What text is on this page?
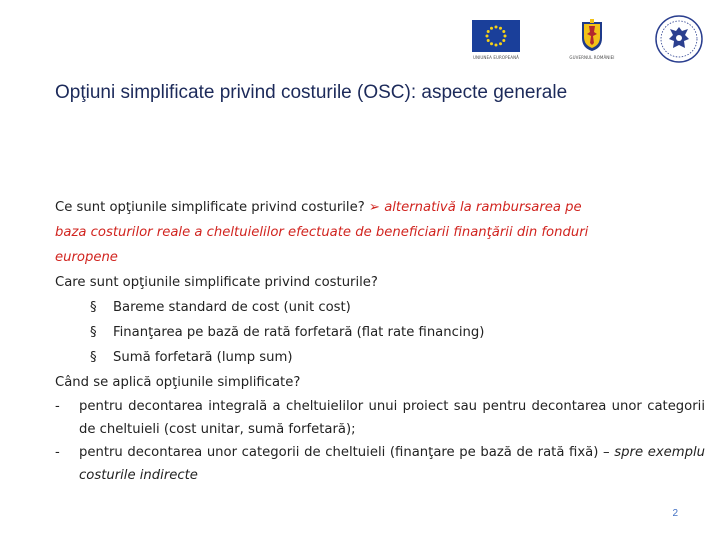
UNIUNEA EUROPEANĂ	GUVERNUL ROMÂNIEI
Opţiuni simplificate privind costurile (OSC): aspecte generale

Ce sunt opţiunile simplificate privind costurile? ➢ alternativă la rambursarea pe

baza costurilor reale a cheltuielilor efectuate de beneficiarii finanţării din fonduri

europene

Care sunt opţiunile simplificate privind costurile?

§ Bareme standard de cost (unit cost)

§ Finanţarea pe bază de rată forfetară (flat rate financing)

§ Sumă forfetară (lump sum)

Când se aplică opţiunile simplificate?

- pentru decontarea integrală a cheltuielilor unui proiect sau pentru decontarea unor categorii de cheltuieli (cost unitar, sumă forfetară);

- pentru decontarea unor categorii de cheltuieli (finanţare pe bază de rată fixă) – spre exemplu costurile indirecte

2
